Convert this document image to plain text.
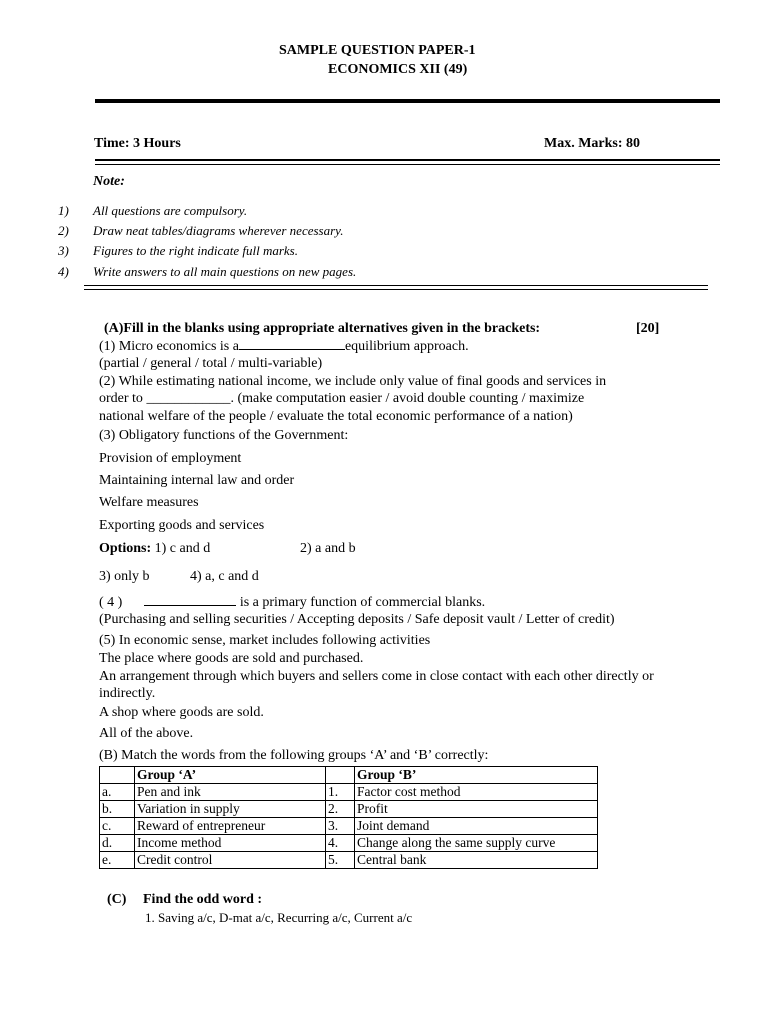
SAMPLE QUESTION PAPER-1
ECONOMICS XII (49)
Time: 3 Hours	Max. Marks: 80
Note:
1)	All questions are compulsory.
2) Draw neat tables/diagrams wherever necessary.
3) Figures to the right indicate full marks.
4) Write answers to all main questions on new pages.
(A)Fill in the blanks using appropriate alternatives given in the brackets:	[20]
(1) Micro economics is a	equilibrium approach.
(partial / general / total / multi-variable)
(2) While estimating national income, we include only value of final goods and services in
order to ____________. (make computation easier / avoid double counting / maximize
national welfare of the people / evaluate the total economic performance of a nation)
(3) Obligatory functions of the Government:
Provision of employment
Maintaining internal law and order
Welfare measures
Exporting goods and services
Options: 1) c and d	2) a and b
3) only b	4) a, c and d
( 4 )	is a primary function of commercial blanks.
(Purchasing and selling securities / Accepting deposits / Safe deposit vault / Letter of credit)
(5) In economic sense, market includes following activities
The place where goods are sold and purchased.
An arrangement through which buyers and sellers come in close contact with each other directly or
indirectly.
A shop where goods are sold.
All of the above.
(B) Match the words from the following groups ‘A’ and ‘B’ correctly:
	Group ‘A’		Group ‘B’
a.	Pen and ink	1.	Factor cost method
b.	Variation in supply	2.	Profit
c.	Reward of entrepreneur	3.	Joint demand
d.	Income method	4.	Change along the same supply curve
e.	Credit control	5.	Central bank
(C) Find the odd word :
1. Saving a/c, D-mat a/c, Recurring a/c, Current a/c
